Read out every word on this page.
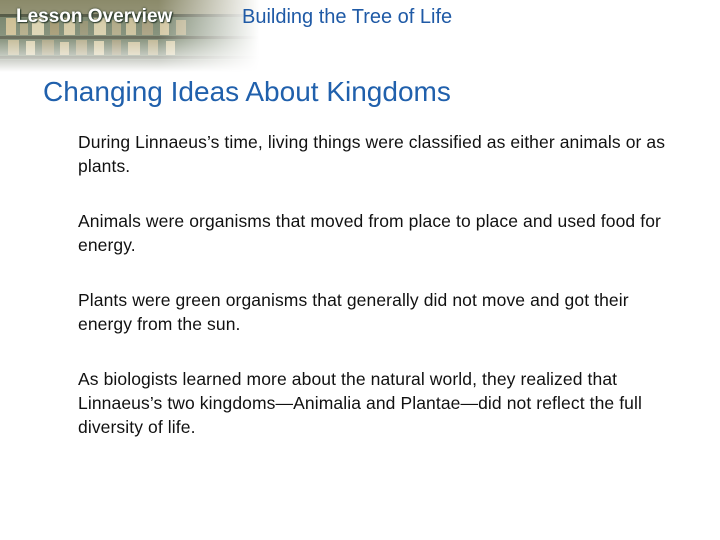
Lesson Overview	Building the Tree of Life
Changing Ideas About Kingdoms

During Linnaeus’s time, living things were classified as either animals or as plants.

Animals were organisms that moved from place to place and used food for energy.

Plants were green organisms that generally did not move and got their energy from the sun.

As biologists learned more about the natural world, they realized that Linnaeus’s two kingdoms—Animalia and Plantae—did not reflect the full diversity of life.
